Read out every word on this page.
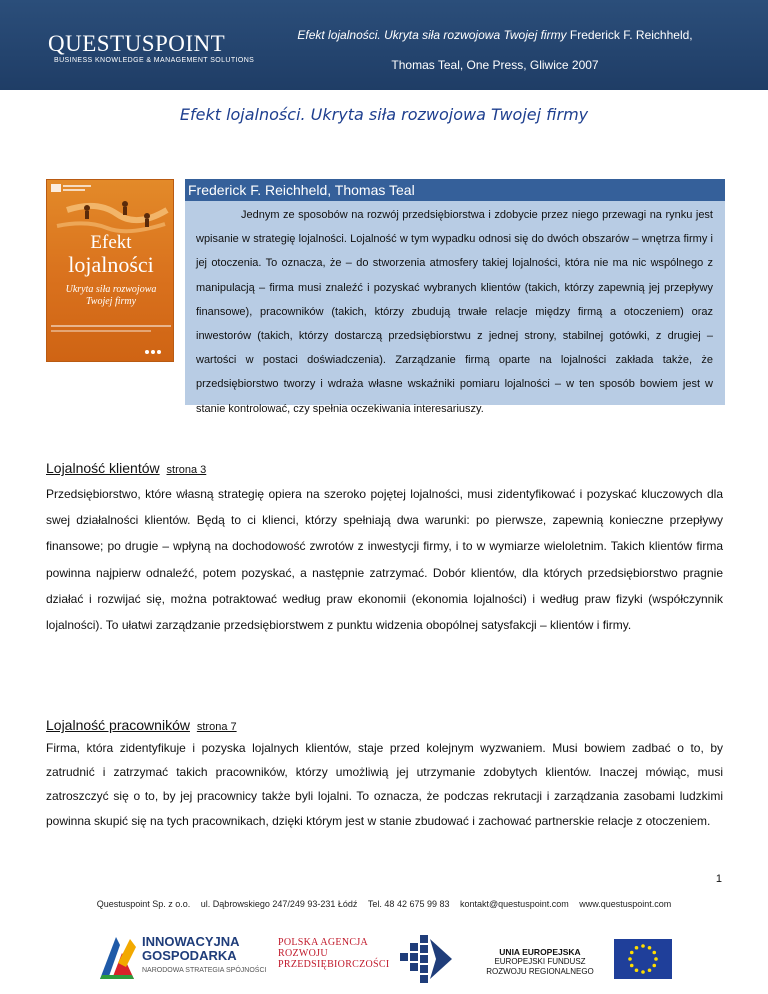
QUESTUSPOINT
BUSINESS KNOWLEDGE & MANAGEMENT SOLUTIONS
Efekt lojalności. Ukryta siła rozwojowa Twojej firmy Frederick F. Reichheld,
Thomas Teal, One Press, Gliwice 2007
Efekt lojalności. Ukryta siła rozwojowa Twojej firmy
Efekt
lojalności
Ukryta siła rozwojowa
Twojej firmy
Frederick F. Reichheld, Thomas Teal
Jednym ze sposobów na rozwój przedsiębiorstwa i zdobycie przez niego przewagi na rynku jest wpisanie w strategię lojalności. Lojalność w tym wypadku odnosi się do dwóch obszarów – wnętrza firmy i jej otoczenia. To oznacza, że – do stworzenia atmosfery takiej lojalności, która nie ma nic wspólnego z manipulacją – firma musi znaleźć i pozyskać wybranych klientów (takich, którzy zapewnią jej przepływy finansowe), pracowników (takich, którzy zbudują trwałe relacje między firmą a otoczeniem) oraz inwestorów (takich, którzy dostarczą przedsiębiorstwu z jednej strony, stabilnej gotówki, z drugiej – wartości w postaci doświadczenia). Zarządzanie firmą oparte na lojalności zakłada także, że przedsiębiorstwo tworzy i wdraża własne wskaźniki pomiaru lojalności – w ten sposób bowiem jest w stanie kontrolować, czy spełnia oczekiwania interesariuszy.
Lojalność klientów strona 3
Przedsiębiorstwo, które własną strategię opiera na szeroko pojętej lojalności, musi zidentyfikować i pozyskać kluczowych dla swej działalności klientów. Będą to ci klienci, którzy spełniają dwa warunki: po pierwsze, zapewnią konieczne przepływy finansowe; po drugie – wpłyną na dochodowość zwrotów z inwestycji firmy, i to w wymiarze wieloletnim. Takich klientów firma powinna najpierw odnaleźć, potem pozyskać, a następnie zatrzymać. Dobór klientów, dla których przedsiębiorstwo pragnie działać i rozwijać się, można potraktować według praw ekonomii (ekonomia lojalności) i według praw fizyki (współczynnik lojalności). To ułatwi zarządzanie przedsiębiorstwem z punktu widzenia obopólnej satysfakcji – klientów i firmy.
Lojalność pracowników strona 7
Firma, która zidentyfikuje i pozyska lojalnych klientów, staje przed kolejnym wyzwaniem. Musi bowiem zadbać o to, by zatrudnić i zatrzymać takich pracowników, którzy umożliwią jej utrzymanie zdobytych klientów. Inaczej mówiąc, musi zatroszczyć się o to, by jej pracownicy także byli lojalni. To oznacza, że podczas rekrutacji i zarządzania zasobami ludzkimi powinna skupić się na tych pracownikach, dzięki którym jest w stanie zbudować i zachować partnerskie relacje z otoczeniem.
1
Questuspoint Sp. z o.o. ul. Dąbrowskiego 247/249 93-231 Łódź Tel. 48 42 675 99 83 kontakt@questuspoint.com www.questuspoint.com
INNOWACYJNA
GOSPODARKA
NARODOWA STRATEGIA SPÓJNOŚCI
POLSKA AGENCJA
ROZWOJU
PRZEDSIĘBIORCZOŚCI
UNIA EUROPEJSKA
EUROPEJSKI FUNDUSZ
ROZWOJU REGIONALNEGO
